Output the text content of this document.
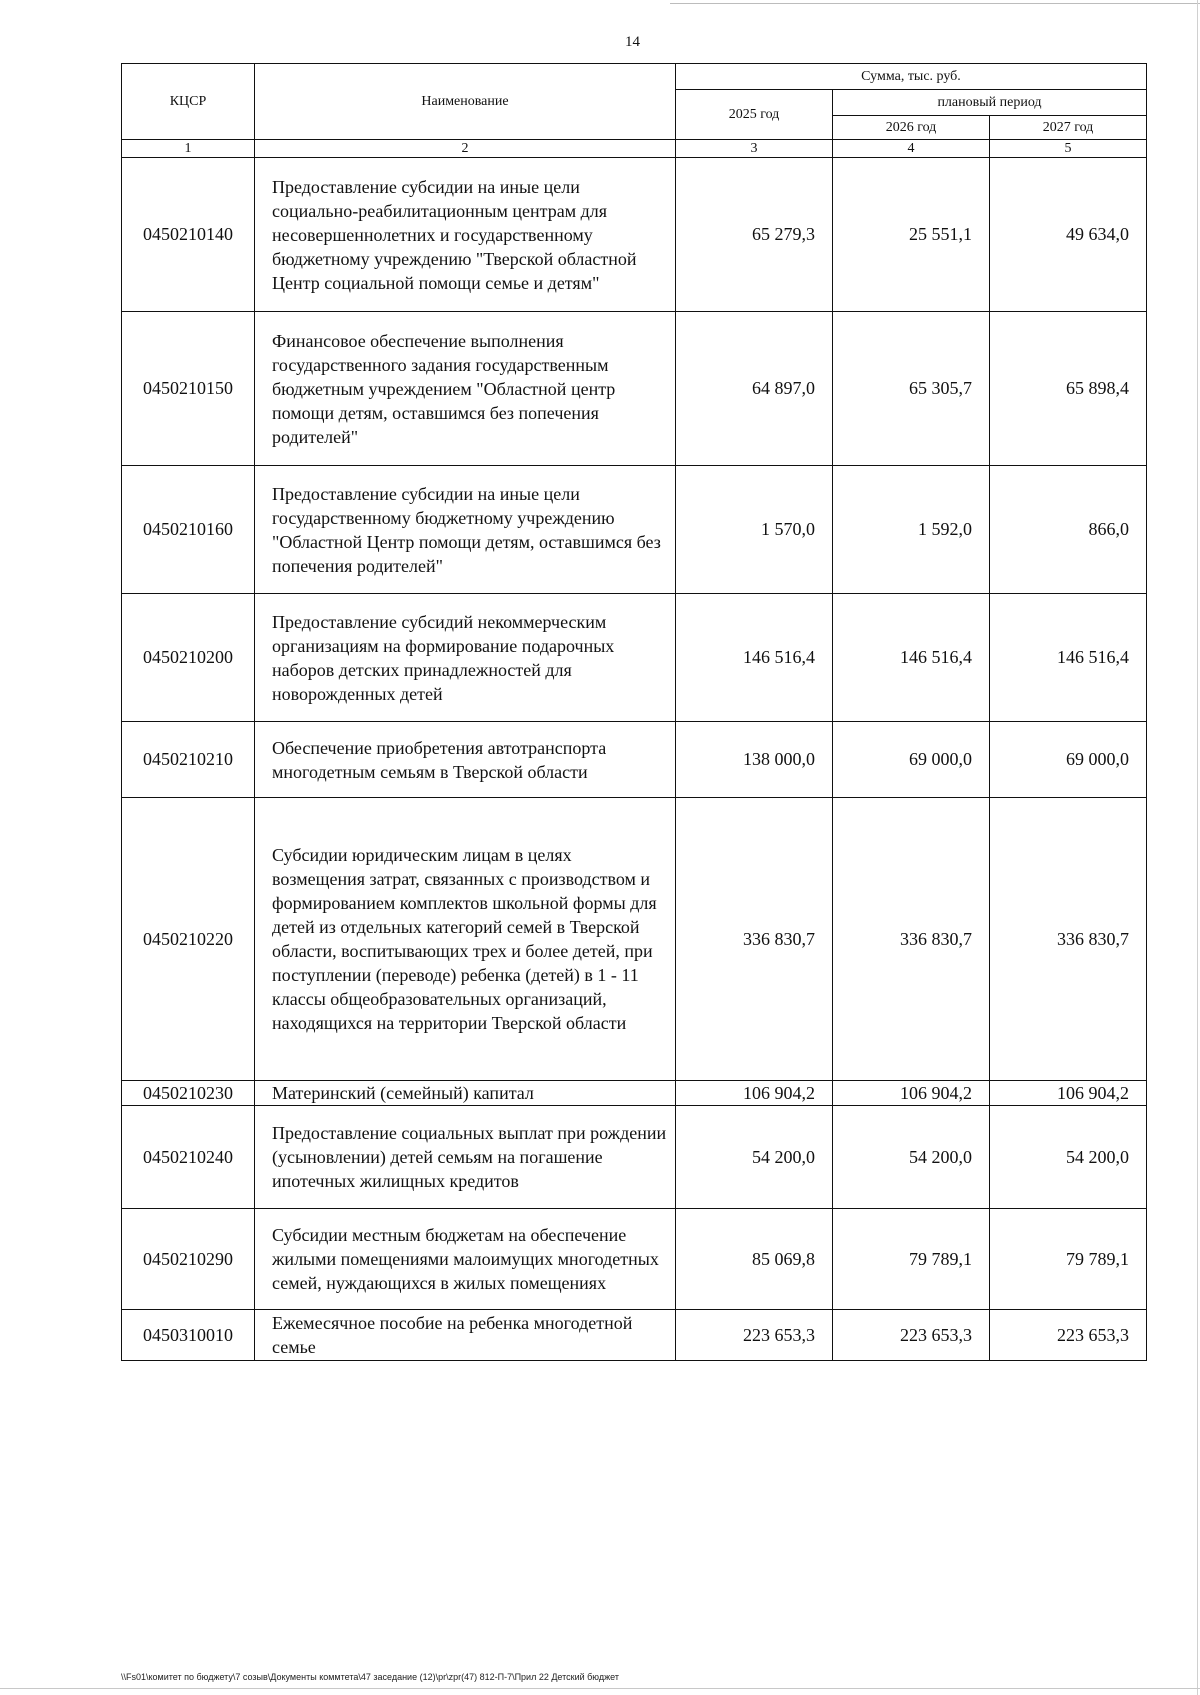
14
КЦСР	Наименование	Сумма, тыс. руб.		
		2025 год	плановый период	
			2026 год	2027 год
1	2	3	4	5
0450210140	Предоставление субсидии на иные цели социально-реабилитационным центрам для несовершеннолетних и государственному бюджетному учреждению "Тверской областной Центр социальной помощи семье и детям"	65 279,3	25 551,1	49 634,0
0450210150	Финансовое обеспечение выполнения государственного задания государственным бюджетным учреждением "Областной центр помощи детям, оставшимся без попечения родителей"	64 897,0	65 305,7	65 898,4
0450210160	Предоставление субсидии на иные цели государственному бюджетному учреждению "Областной Центр помощи детям, оставшимся без попечения родителей"	1 570,0	1 592,0	866,0
0450210200	Предоставление субсидий некоммерческим организациям на формирование подарочных наборов детских принадлежностей для новорожденных детей	146 516,4	146 516,4	146 516,4
0450210210	Обеспечение приобретения автотранспорта многодетным семьям в Тверской области	138 000,0	69 000,0	69 000,0
0450210220	Субсидии юридическим лицам в целях возмещения затрат, связанных с производством и формированием комплектов школьной формы для детей из отдельных категорий семей в Тверской области, воспитывающих трех и более детей, при поступлении (переводе) ребенка (детей) в 1 - 11 классы общеобразовательных организаций, находящихся на территории Тверской области	336 830,7	336 830,7	336 830,7
0450210230	Материнский (семейный) капитал	106 904,2	106 904,2	106 904,2
0450210240	Предоставление социальных выплат при рождении (усыновлении) детей семьям на погашение ипотечных жилищных кредитов	54 200,0	54 200,0	54 200,0
0450210290	Субсидии местным бюджетам на обеспечение жилыми помещениями малоимущих многодетных семей, нуждающихся в жилых помещениях	85 069,8	79 789,1	79 789,1
0450310010	Ежемесячное пособие на ребенка многодетной семье	223 653,3	223 653,3	223 653,3
\\Fs01\комитет по бюджету\7 созыв\Документы коммтета\47 заседание (12)\pr\zpr(47) 812-П-7\Прил 22 Детский бюджет
